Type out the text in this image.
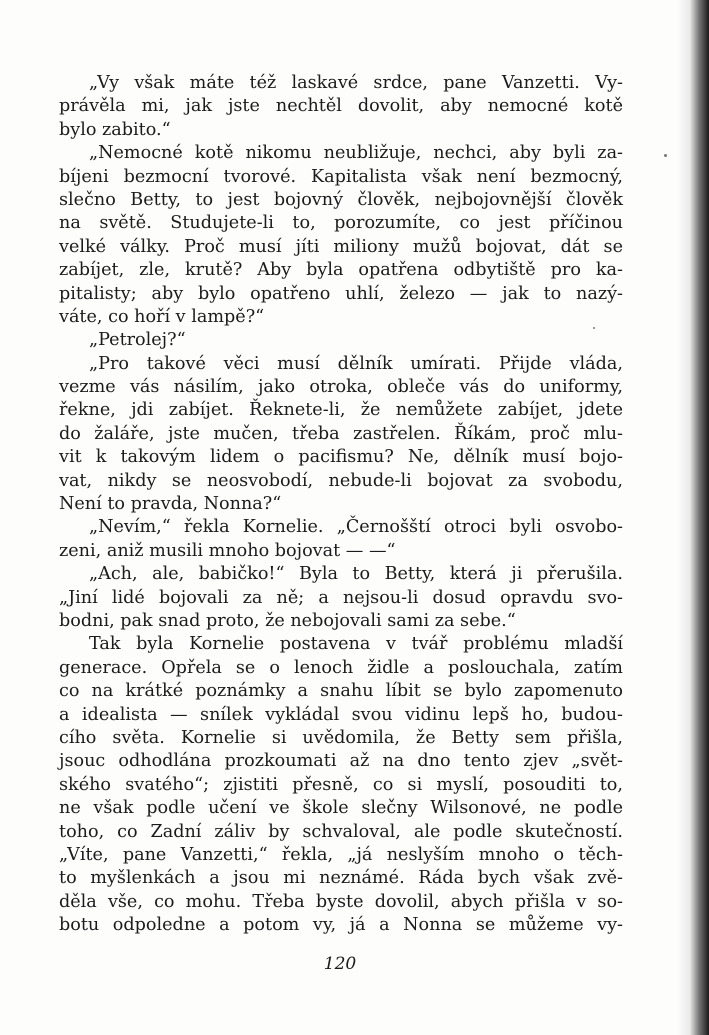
„Vy však máte též laskavé srdce, pane Vanzetti. Vy-
právěla mi, jak jste nechtěl dovolit, aby nemocné kotě
bylo zabito.“
„Nemocné kotě nikomu neubližuje, nechci, aby byli za-
bíjeni bezmocní tvorové. Kapitalista však není bezmocný,
slečno Betty, to jest bojovný člověk, nejbojovnější člověk
na světě. Studujete-li to, porozumíte, co jest příčinou
velké války. Proč musí jíti miliony mužů bojovat, dát se
zabíjet, zle, krutě? Aby byla opatřena odbytiště pro ka-
pitalisty; aby bylo opatřeno uhlí, železo — jak to nazý-
váte, co hoří v lampě?“
„Petrolej?“
„Pro takové věci musí dělník umírati. Přijde vláda,
vezme vás násilím, jako otroka, obleče vás do uniformy,
řekne, jdi zabíjet. Řeknete-li, že nemůžete zabíjet, jdete
do žaláře, jste mučen, třeba zastřelen. Říkám, proč mlu-
vit k takovým lidem o pacifismu? Ne, dělník musí bojo-
vat, nikdy se neosvobodí, nebude-li bojovat za svobodu,
Není to pravda, Nonna?“
„Nevím,“ řekla Kornelie. „Černošští otroci byli osvobo-
zeni, aniž musili mnoho bojovat — —“
„Ach, ale, babičko!“ Byla to Betty, která ji přerušila.
„Jiní lidé bojovali za ně; a nejsou-li dosud opravdu svo-
bodni, pak snad proto, že nebojovali sami za sebe.“
Tak byla Kornelie postavena v tvář problému mladší
generace. Opřela se o lenoch židle a poslouchala, zatím
co na krátké poznámky a snahu líbit se bylo zapomenuto
a idealista — snílek vykládal svou vidinu lepš ho, budou-
cího světa. Kornelie si uvědomila, že Betty sem přišla,
jsouc odhodlána prozkoumati až na dno tento zjev „svět-
ského svatého“; zjistiti přesně, co si myslí, posouditi to,
ne však podle učení ve škole slečny Wilsonové, ne podle
toho, co Zadní záliv by schvaloval, ale podle skutečností.
„Víte, pane Vanzetti,“ řekla, „já neslyším mnoho o těch-
to myšlenkách a jsou mi neznámé. Ráda bych však zvě-
děla vše, co mohu. Třeba byste dovolil, abych přišla v so-
botu odpoledne a potom vy, já a Nonna se můžeme vy-
120
